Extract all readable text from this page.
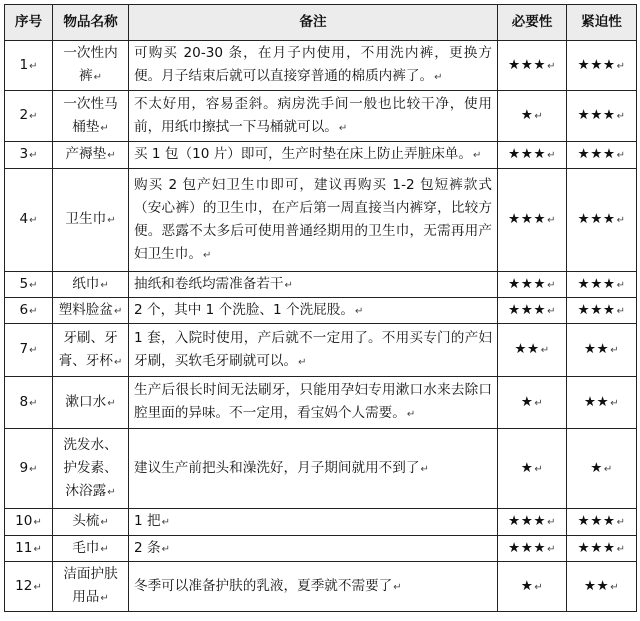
序号	物品名称	备注	必要性	紧迫性
1↵	一次性内裤↵	可购买 20-30 条，在月子内使用，不用洗内裤，更换方便。月子结束后就可以直接穿普通的棉质内裤了。↵	★★★↵	★★★↵
2↵	一次性马桶垫↵	不太好用，容易歪斜。病房洗手间一般也比较干净，使用前，用纸巾擦拭一下马桶就可以。↵	★↵	★★★↵
3↵	产褥垫↵	买 1 包（10 片）即可，生产时垫在床上防止弄脏床单。↵	★★★↵	★★★↵
4↵	卫生巾↵	购买 2 包产妇卫生巾即可，建议再购买 1-2 包短裤款式（安心裤）的卫生巾，在产后第一周直接当内裤穿，比较方便。恶露不太多后可使用普通经期用的卫生巾，无需再用产妇卫生巾。↵	★★★↵	★★★↵
5↵	纸巾↵	抽纸和卷纸均需准备若干↵	★★★↵	★★★↵
6↵	塑料脸盆↵	2 个，其中 1 个洗脸、1 个洗屁股。↵	★★★↵	★★★↵
7↵	牙刷、牙膏、牙杯↵	1 套，入院时使用，产后就不一定用了。不用买专门的产妇牙刷，买软毛牙刷就可以。↵	★★↵	★★↵
8↵	漱口水↵	生产后很长时间无法刷牙，只能用孕妇专用漱口水来去除口腔里面的异味。不一定用，看宝妈个人需要。↵	★↵	★★↵
9↵	洗发水、护发素、沐浴露↵	建议生产前把头和澡洗好，月子期间就用不到了↵	★↵	★↵
10↵	头梳↵	1 把↵	★★★↵	★★★↵
11↵	毛巾↵	2 条↵	★★★↵	★★★↵
12↵	洁面护肤用品↵	冬季可以准备护肤的乳液，夏季就不需要了↵	★↵	★★↵
